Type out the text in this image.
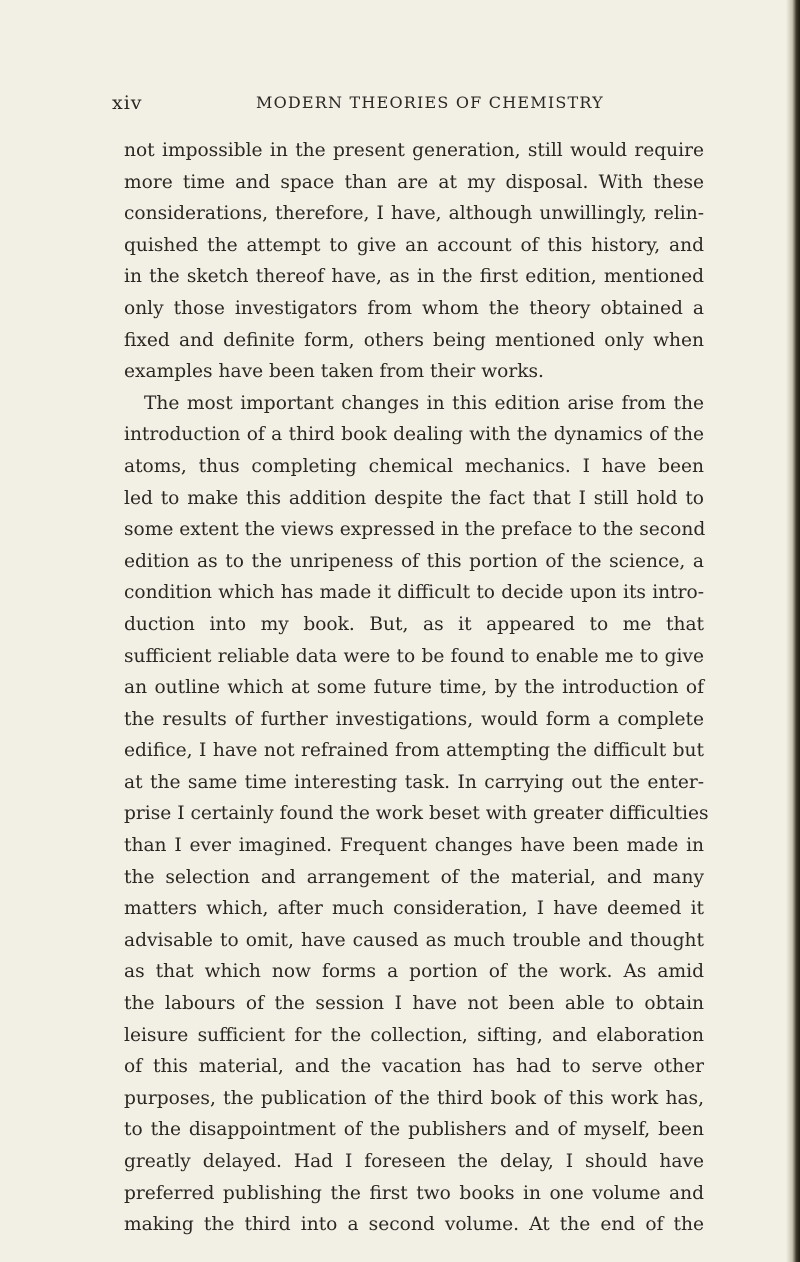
xiv	MODERN THEORIES OF CHEMISTRY
not impossible in the present generation, still would require
more time and space than are at my disposal. With these
considerations, therefore, I have, although unwillingly, relin-
quished the attempt to give an account of this history, and
in the sketch thereof have, as in the first edition, mentioned
only those investigators from whom the theory obtained a
fixed and definite form, others being mentioned only when
examples have been taken from their works.
The most important changes in this edition arise from the
introduction of a third book dealing with the dynamics of the
atoms, thus completing chemical mechanics. I have been
led to make this addition despite the fact that I still hold to
some extent the views expressed in the preface to the second
edition as to the unripeness of this portion of the science, a
condition which has made it difficult to decide upon its intro-
duction into my book. But, as it appeared to me that
sufficient reliable data were to be found to enable me to give
an outline which at some future time, by the introduction of
the results of further investigations, would form a complete
edifice, I have not refrained from attempting the difficult but
at the same time interesting task. In carrying out the enter-
prise I certainly found the work beset with greater difficulties
than I ever imagined. Frequent changes have been made in
the selection and arrangement of the material, and many
matters which, after much consideration, I have deemed it
advisable to omit, have caused as much trouble and thought
as that which now forms a portion of the work. As amid
the labours of the session I have not been able to obtain
leisure sufficient for the collection, sifting, and elaboration
of this material, and the vacation has had to serve other
purposes, the publication of the third book of this work has,
to the disappointment of the publishers and of myself, been
greatly delayed. Had I foreseen the delay, I should have
preferred publishing the first two books in one volume and
making the third into a second volume. At the end of the
